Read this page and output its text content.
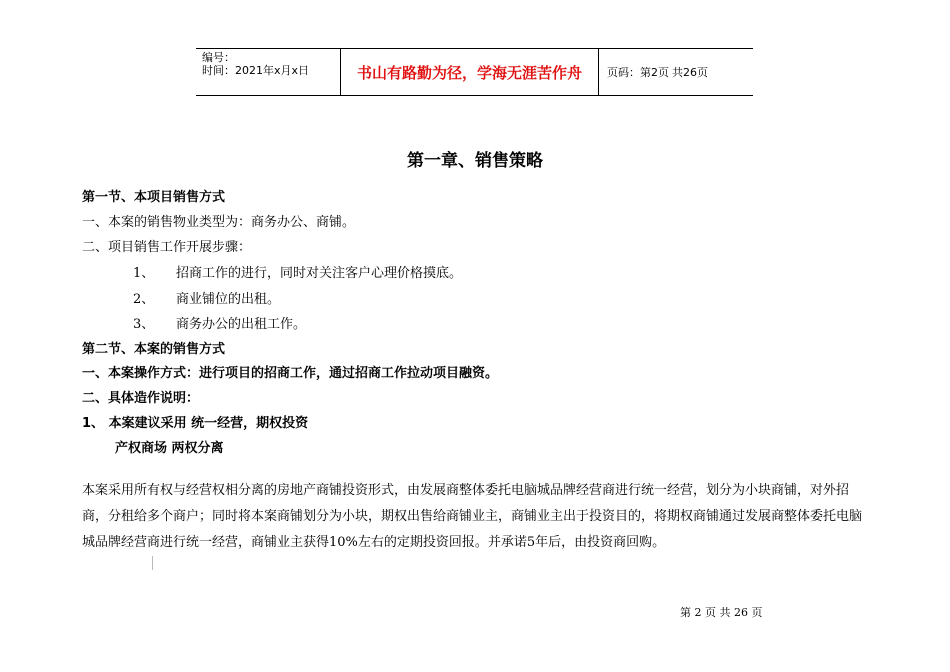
编号：
时间：2021年x月x日	书山有路勤为径，学海无涯苦作舟	页码：第2页 共26页
第一章、销售策略
第一节、本项目销售方式
一、本案的销售物业类型为：商务办公、商铺。
二、项目销售工作开展步骤：
1、 招商工作的进行，同时对关注客户心理价格摸底。
2、 商业铺位的出租。
3、 商务办公的出租工作。
第二节、本案的销售方式
一、本案操作方式：进行项目的招商工作，通过招商工作拉动项目融资。
二、具体造作说明：
1、 本案建议采用 统一经营，期权投资
产权商场 两权分离
本案采用所有权与经营权相分离的房地产商铺投资形式，由发展商整体委托电脑城品牌经营商进行统一经营，划分为小块商铺，对外招商，分租给多个商户；同时将本案商铺划分为小块，期权出售给商铺业主，商铺业主出于投资目的，将期权商铺通过发展商整体委托电脑城品牌经营商进行统一经营，商铺业主获得10%左右的定期投资回报。并承诺5年后，由投资商回购。
第 2 页 共 26 页
